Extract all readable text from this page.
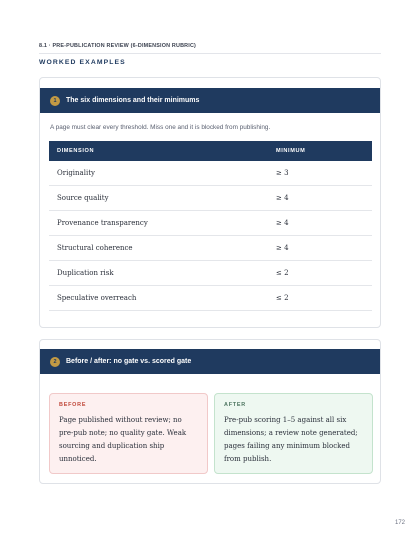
8.1 · PRE-PUBLICATION REVIEW (6-DIMENSION RUBRIC)
WORKED EXAMPLES
1	The six dimensions and their minimums
A page must clear every threshold. Miss one and it is blocked from publishing.
DIMENSION	MINIMUM
Originality	≥ 3
Source quality	≥ 4
Provenance transparency	≥ 4
Structural coherence	≥ 4
Duplication risk	≤ 2
Speculative overreach	≤ 2
2	Before / after: no gate vs. scored gate
BEFORE
Page published without review; no pre-pub note; no quality gate. Weak sourcing and duplication ship unnoticed.
AFTER
Pre-pub scoring 1–5 against all six dimensions; a review note generated; pages failing any minimum blocked from publish.
172
